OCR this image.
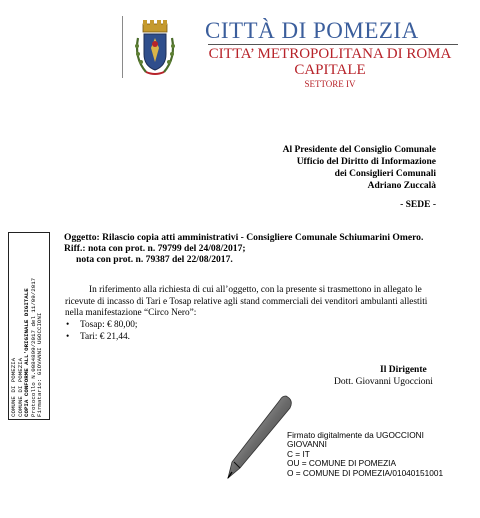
CITTÀ DI POMEZIA
CITTA’ METROPOLITANA DI ROMA
CAPITALE
SETTORE IV
Al Presidente del Consiglio Comunale
Ufficio del Diritto di Informazione
dei Consiglieri Comunali
Adriano Zuccalà
- SEDE -
Oggetto: Rilascio copia atti amministrativi - Consigliere Comunale Schiumarini Omero.
Riff.: nota con prot. n. 79799 del 24/08/2017;
nota con prot. n. 79387 del 22/08/2017.
In riferimento alla richiesta di cui all’oggetto, con la presente si trasmettono in allegato le ricevute di incasso di Tari e Tosap relative agli stand commerciali dei venditori ambulanti allestiti nella manifestazione “Circo Nero”:
• Tosap: € 80,00;
• Tari: € 21,44.
Il Dirigente
Dott. Giovanni Ugoccioni
COMUNE DI POMEZIA COMUNE DI POMEZIA COPIA CONFORME ALL'ORIGINALE DIGITALE Protocollo N.0084899/2017 del 11/09/2017 Firmatario: GIOVANNI UGOCCIONI
Firmato digitalmente da UGOCCIONI
GIOVANNI
C = IT
OU = COMUNE DI POMEZIA
O = COMUNE DI POMEZIA/01040151001
